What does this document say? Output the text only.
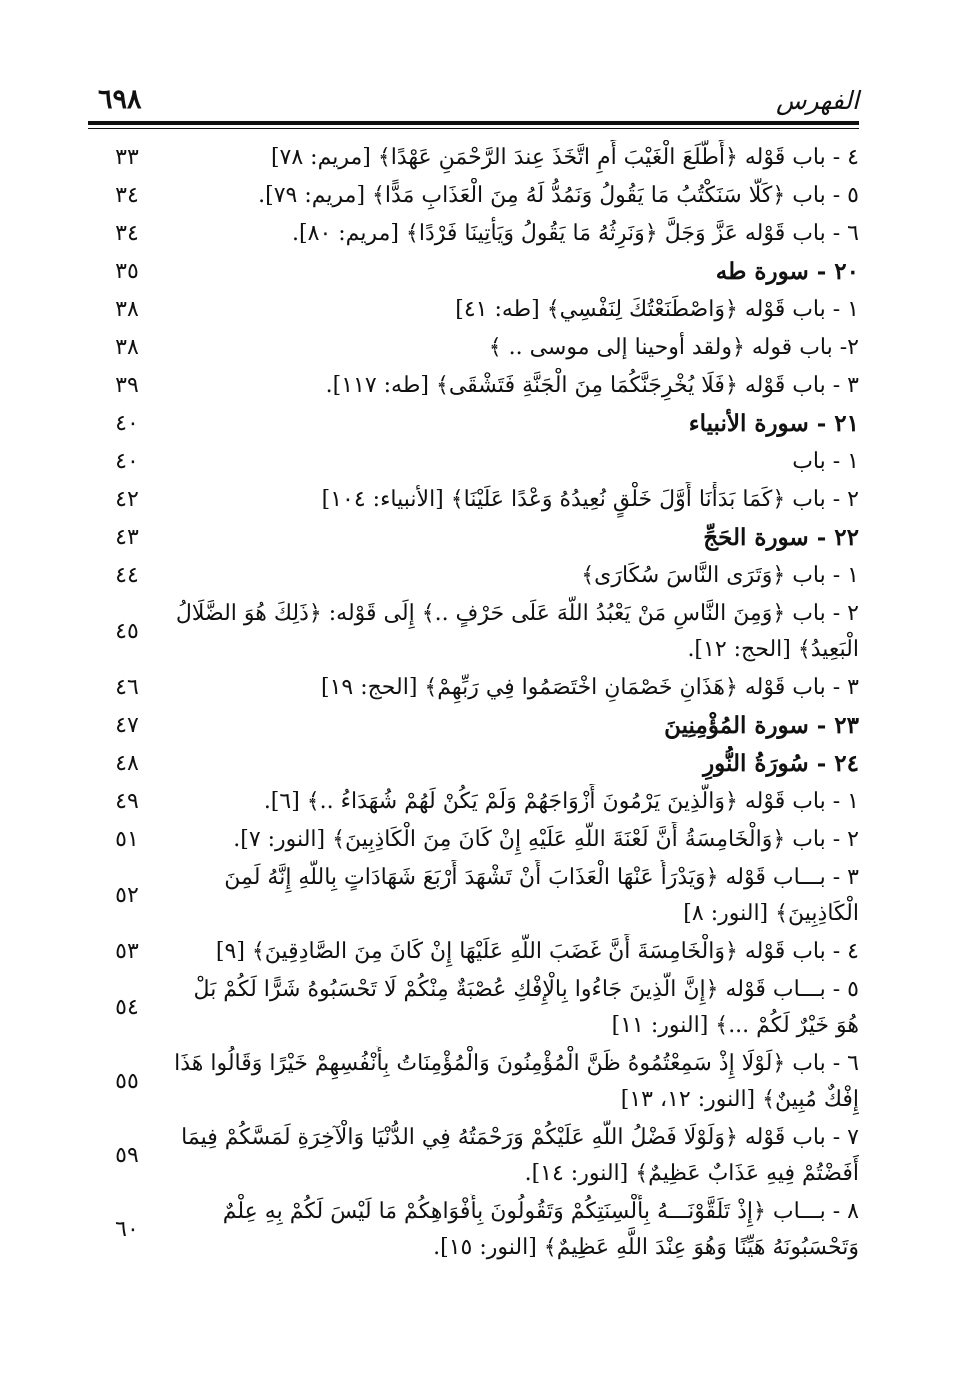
٦٩٨	الفهرس
٤ - باب قَوْله ﴿أَطَّلَعَ الْغَيْبَ أَمِ اتَّخَذَ عِندَ الرَّحْمَنِ عَهْدًا﴾ [مريم: ٧٨]
٣٣
٥ - باب ﴿كَلَّا سَنَكْتُبُ مَا يَقُولُ وَنَمُدُّ لَهُ مِنَ الْعَذَابِ مَدًّا﴾ [مريم: ٧٩].
٣٤
٦ - باب قَوْله عَزَّ وَجَلَّ ﴿وَنَرِثُهُ مَا يَقُولُ وَيَأْتِينَا فَرْدًا﴾ [مريم: ٨٠].
٣٤
٢٠ - سورة طه
٣٥
١ - باب قَوْله ﴿وَاصْطَنَعْتُكَ لِنَفْسِي﴾ [طه: ٤١]
٣٨
٢- باب قوله ﴿ولقد أوحينا إلى موسى .. ﴾
٣٨
٣ - باب قَوْله ﴿فَلَا يُخْرِجَنَّكُمَا مِنَ الْجَنَّةِ فَتَشْقَى﴾ [طه: ١١٧].
٣٩
٢١ - سورة الأنبياء
٤٠
١ - باب
٤٠
٢ - باب ﴿كَمَا بَدَأْنَا أَوَّلَ خَلْقٍ نُعِيدُهُ وَعْدًا عَلَيْنَا﴾ [الأنبياء: ١٠٤]
٤٢
٢٢ - سورة الحَجِّ
٤٣
١ - باب ﴿وَتَرَى النَّاسَ سُكَارَى﴾
٤٤
٢ - باب ﴿وَمِنَ النَّاسِ مَنْ يَعْبُدُ اللَّهَ عَلَى حَرْفٍ ..﴾ إِلَى قَوْله: ﴿ذَلِكَ هُوَ الضَّلَالُ الْبَعِيدُ﴾ [الحج: ١٢].
٤٥
٣ - باب قَوْله ﴿هَذَانِ خَصْمَانِ اخْتَصَمُوا فِي رَبِّهِمْ﴾ [الحج: ١٩]
٤٦
٢٣ - سورة المُؤْمِنِينَ
٤٧
٢٤ - سُورَةُ النُّورِ
٤٨
١ - باب قَوْله ﴿وَالَّذِينَ يَرْمُونَ أَزْوَاجَهُمْ وَلَمْ يَكُنْ لَهُمْ شُهَدَاءُ ..﴾ [٦].
٤٩
٢ - باب ﴿وَالْخَامِسَةُ أَنَّ لَعْنَةَ اللَّهِ عَلَيْهِ إِنْ كَانَ مِنَ الْكَاذِبِينَ﴾ [النور: ٧].
٥١
٣ - بـــاب قَوْله ﴿وَيَدْرَأُ عَنْهَا الْعَذَابَ أَنْ تَشْهَدَ أَرْبَعَ شَهَادَاتٍ بِاللَّهِ إِنَّهُ لَمِنَ الْكَاذِبِينَ﴾ [النور: ٨]
٥٢
٤ - باب قَوْله ﴿وَالْخَامِسَةَ أَنَّ غَضَبَ اللَّهِ عَلَيْهَا إِنْ كَانَ مِنَ الصَّادِقِينَ﴾ [٩]
٥٣
٥ - بـــاب قَوْله ﴿إِنَّ الَّذِينَ جَاءُوا بِالْإِفْكِ عُصْبَةٌ مِنْكُمْ لَا تَحْسَبُوهُ شَرًّا لَكُمْ بَلْ هُوَ خَيْرٌ لَكُمْ ...﴾ [النور: ١١]
٥٤
٦ - باب ﴿لَوْلَا إِذْ سَمِعْتُمُوهُ ظَنَّ الْمُؤْمِنُونَ وَالْمُؤْمِنَاتُ بِأَنْفُسِهِمْ خَيْرًا وَقَالُوا هَذَا إِفْكٌ مُبِينٌ﴾ [النور: ١٢، ١٣]
٥٥
٧ - باب قَوْله ﴿وَلَوْلَا فَضْلُ اللَّهِ عَلَيْكُمْ وَرَحْمَتُهُ فِي الدُّنْيَا وَالْآخِرَةِ لَمَسَّكُمْ فِيمَا أَفَضْتُمْ فِيهِ عَذَابٌ عَظِيمٌ﴾ [النور: ١٤].
٥٩
٨ - بـــاب ﴿إِذْ تَلَقَّوْنَـــهُ بِأَلْسِنَتِكُمْ وَتَقُولُونَ بِأَفْوَاهِكُمْ مَا لَيْسَ لَكُمْ بِهِ عِلْمٌ وَتَحْسَبُونَهُ هَيِّنًا وَهُوَ عِنْدَ اللَّهِ عَظِيمٌ﴾ [النور: ١٥].
٦٠
